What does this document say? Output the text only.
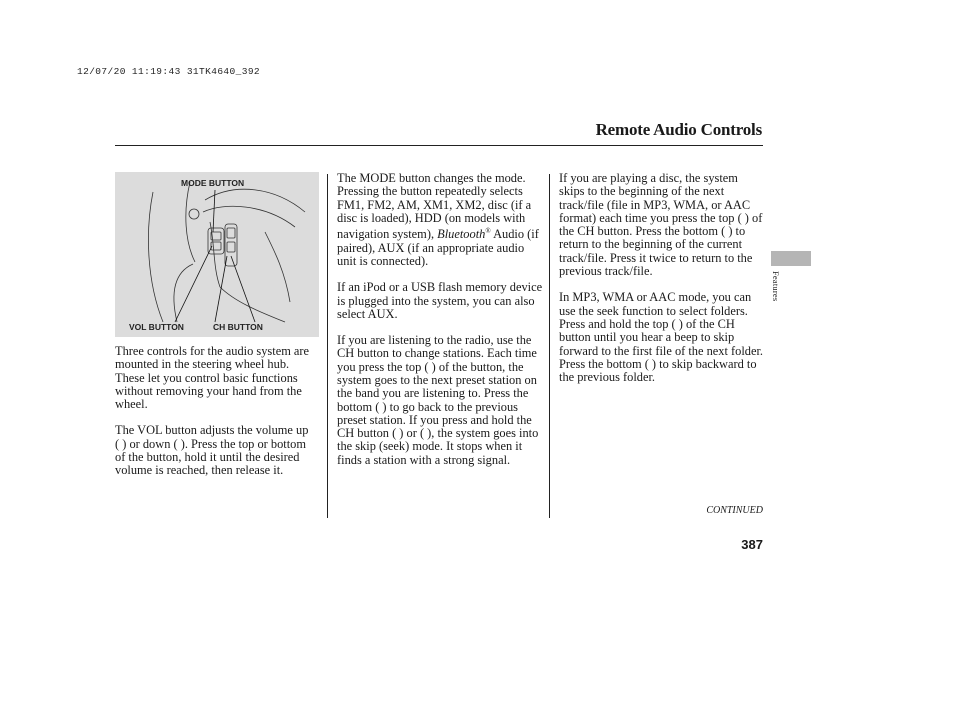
12/07/20 11:19:43 31TK4640_392
Remote Audio Controls
MODE BUTTON
VOL BUTTON	CH BUTTON

Three controls for the audio system are mounted in the steering wheel hub. These let you control basic functions without removing your hand from the wheel.

The VOL button adjusts the volume up ( ) or down ( ). Press the top or bottom of the button, hold it until the desired volume is reached, then release it.

The MODE button changes the mode. Pressing the button repeatedly selects FM1, FM2, AM, XM1, XM2, disc (if a disc is loaded), HDD (on models with navigation system), Bluetooth® Audio (if paired), AUX (if an appropriate audio unit is connected).

If an iPod or a USB flash memory device is plugged into the system, you can also select AUX.

If you are listening to the radio, use the CH button to change stations. Each time you press the top ( ) of the button, the system goes to the next preset station on the band you are listening to. Press the bottom ( ) to go back to the previous preset station. If you press and hold the CH button ( ) or ( ), the system goes into the skip (seek) mode. It stops when it finds a station with a strong signal.

If you are playing a disc, the system skips to the beginning of the next track/file (file in MP3, WMA, or AAC format) each time you press the top ( ) of the CH button. Press the bottom ( ) to return to the beginning of the current track/file. Press it twice to return to the previous track/file.

In MP3, WMA or AAC mode, you can use the seek function to select folders. Press and hold the top ( ) of the CH button until you hear a beep to skip forward to the first file of the next folder. Press the bottom ( ) to skip backward to the previous folder.

Features
CONTINUED
387
